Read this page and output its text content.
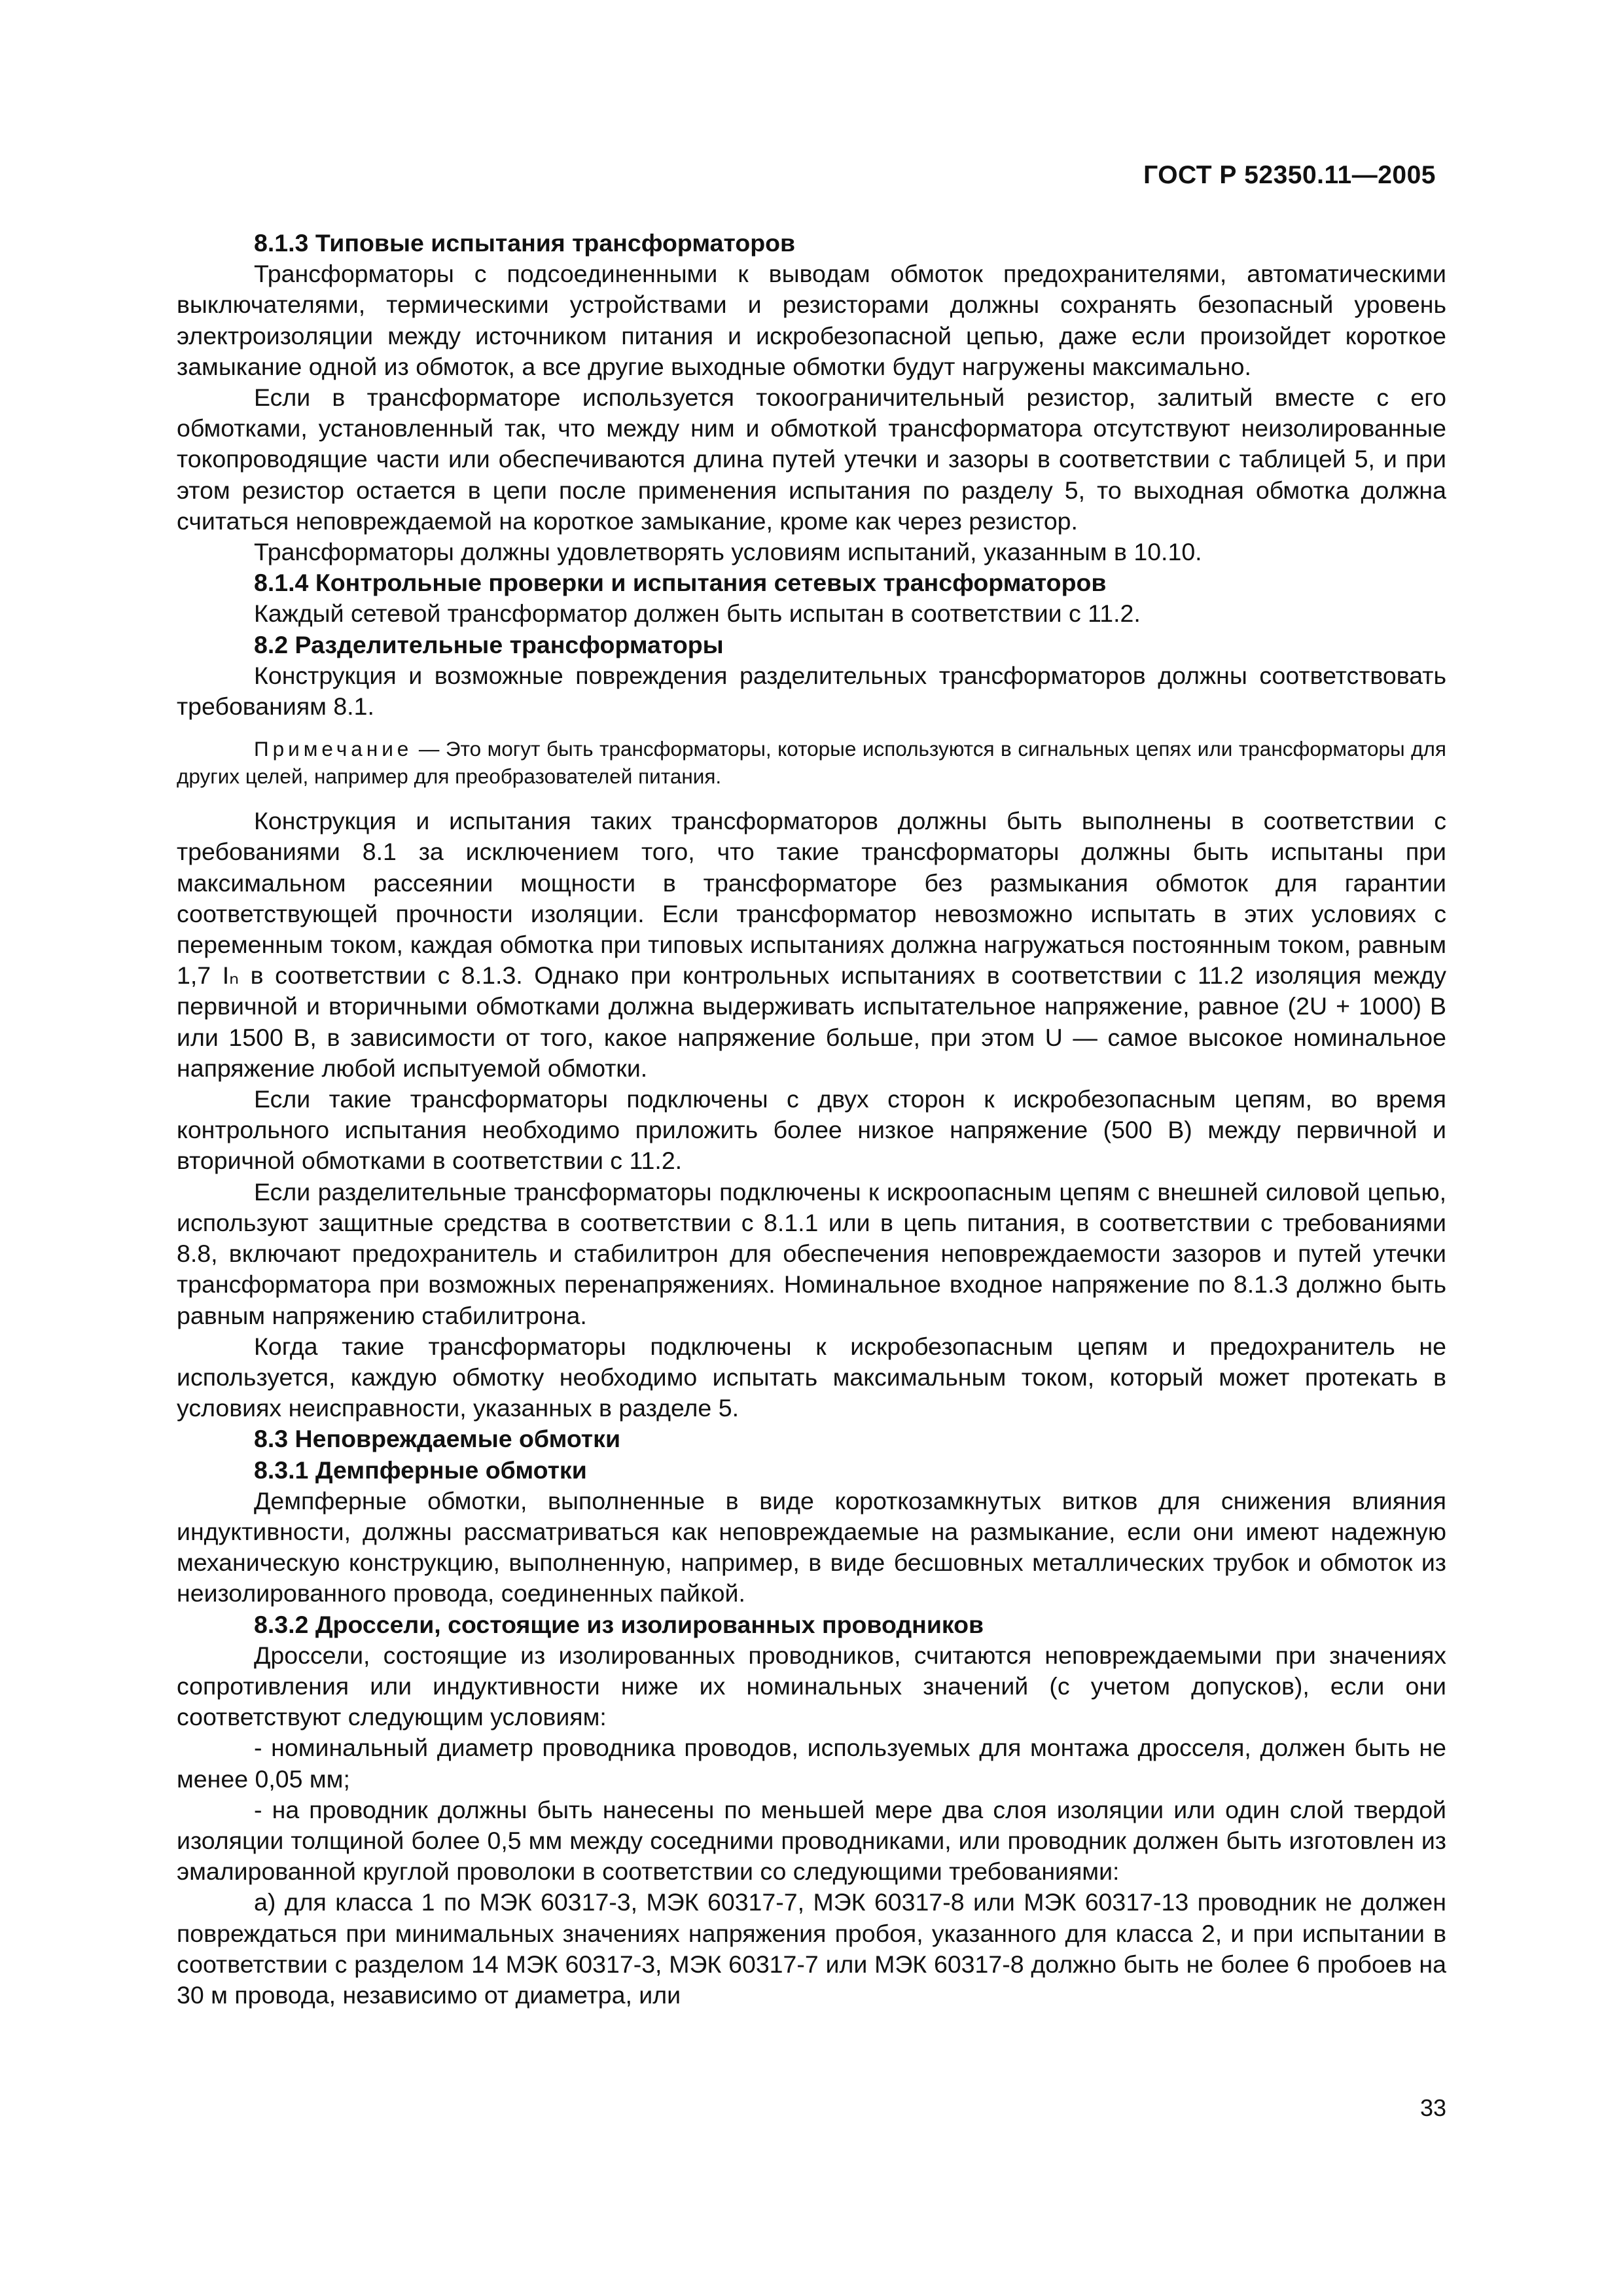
ГОСТ Р 52350.11—2005

8.1.3 Типовые испытания трансформаторов

Трансформаторы с подсоединенными к выводам обмоток предохранителями, автоматическими выключателями, термическими устройствами и резисторами должны сохранять безопасный уровень электроизоляции между источником питания и искробезопасной цепью, даже если произойдет короткое замыкание одной из обмоток, а все другие выходные обмотки будут нагружены максимально.

Если в трансформаторе используется токоограничительный резистор, залитый вместе с его обмотками, установленный так, что между ним и обмоткой трансформатора отсутствуют неизолированные токопроводящие части или обеспечиваются длина путей утечки и зазоры в соответствии с таблицей 5, и при этом резистор остается в цепи после применения испытания по разделу 5, то выходная обмотка должна считаться неповреждаемой на короткое замыкание, кроме как через резистор.

Трансформаторы должны удовлетворять условиям испытаний, указанным в 10.10.

8.1.4 Контрольные проверки и испытания сетевых трансформаторов

Каждый сетевой трансформатор должен быть испытан в соответствии с 11.2.

8.2 Разделительные трансформаторы

Конструкция и возможные повреждения разделительных трансформаторов должны соответствовать требованиям 8.1.

Примечание — Это могут быть трансформаторы, которые используются в сигнальных цепях или трансформаторы для других целей, например для преобразователей питания.

Конструкция и испытания таких трансформаторов должны быть выполнены в соответствии с требованиями 8.1 за исключением того, что такие трансформаторы должны быть испытаны при максимальном рассеянии мощности в трансформаторе без размыкания обмоток для гарантии соответствующей прочности изоляции. Если трансформатор невозможно испытать в этих условиях с переменным током, каждая обмотка при типовых испытаниях должна нагружаться постоянным током, равным 1,7 Iₙ в соответствии с 8.1.3. Однако при контрольных испытаниях в соответствии с 11.2 изоляция между первичной и вторичными обмотками должна выдерживать испытательное напряжение, равное (2U + 1000) В или 1500 В, в зависимости от того, какое напряжение больше, при этом U — самое высокое номинальное напряжение любой испытуемой обмотки.

Если такие трансформаторы подключены с двух сторон к искробезопасным цепям, во время контрольного испытания необходимо приложить более низкое напряжение (500 В) между первичной и вторичной обмотками в соответствии с 11.2.

Если разделительные трансформаторы подключены к искроопасным цепям с внешней силовой цепью, используют защитные средства в соответствии с 8.1.1 или в цепь питания, в соответствии с требованиями 8.8, включают предохранитель и стабилитрон для обеспечения неповреждаемости зазоров и путей утечки трансформатора при возможных перенапряжениях. Номинальное входное напряжение по 8.1.3 должно быть равным напряжению стабилитрона.

Когда такие трансформаторы подключены к искробезопасным цепям и предохранитель не используется, каждую обмотку необходимо испытать максимальным током, который может протекать в условиях неисправности, указанных в разделе 5.

8.3 Неповреждаемые обмотки

8.3.1 Демпферные обмотки

Демпферные обмотки, выполненные в виде короткозамкнутых витков для снижения влияния индуктивности, должны рассматриваться как неповреждаемые на размыкание, если они имеют надежную механическую конструкцию, выполненную, например, в виде бесшовных металлических трубок и обмоток из неизолированного провода, соединенных пайкой.

8.3.2 Дроссели, состоящие из изолированных проводников

Дроссели, состоящие из изолированных проводников, считаются неповреждаемыми при значениях сопротивления или индуктивности ниже их номинальных значений (с учетом допусков), если они соответствуют следующим условиям:

- номинальный диаметр проводника проводов, используемых для монтажа дросселя, должен быть не менее 0,05 мм;

- на проводник должны быть нанесены по меньшей мере два слоя изоляции или один слой твердой изоляции толщиной более 0,5 мм между соседними проводниками, или проводник должен быть изготовлен из эмалированной круглой проволоки в соответствии со следующими требованиями:

а) для класса 1 по МЭК 60317-3, МЭК 60317-7, МЭК 60317-8 или МЭК 60317-13 проводник не должен повреждаться при минимальных значениях напряжения пробоя, указанного для класса 2, и при испытании в соответствии с разделом 14 МЭК 60317-3, МЭК 60317-7 или МЭК 60317-8 должно быть не более 6 пробоев на 30 м провода, независимо от диаметра, или

33
